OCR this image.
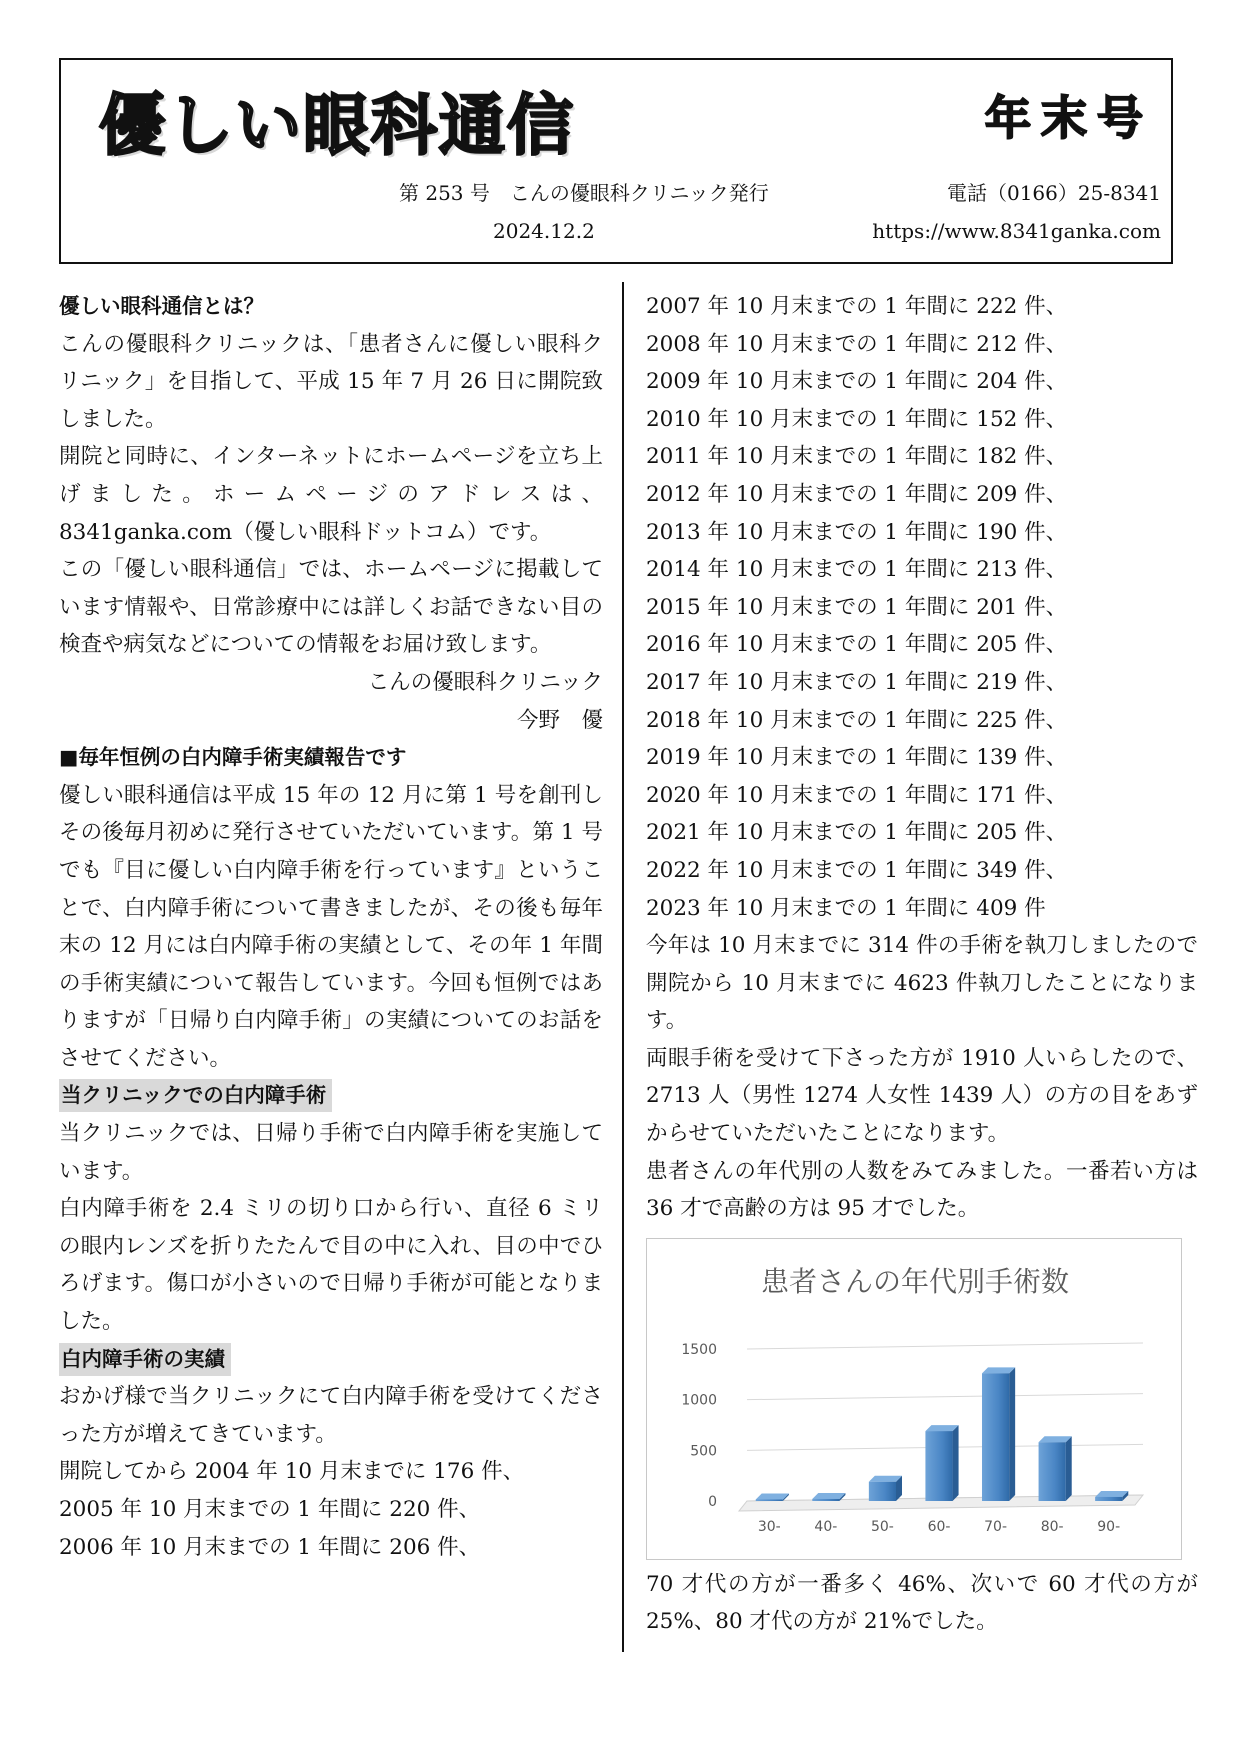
優しい眼科通信	年末号
第 253 号　こんの優眼科クリニック発行	電話（0166）25-8341
2024.12.2	https://www.8341ganka.com

優しい眼科通信とは？

こんの優眼科クリニックは、「患者さんに優しい眼科クリニック」を目指して、平成 15 年 7 月 26 日に開院致しました。

開院と同時に、インターネットにホームページを立ち上げました。ホームページのアドレスは、8341ganka.com（優しい眼科ドットコム）です。

この「優しい眼科通信」では、ホームページに掲載しています情報や、日常診療中には詳しくお話できない目の検査や病気などについての情報をお届け致します。

こんの優眼科クリニック

今野　優

■毎年恒例の白内障手術実績報告です

優しい眼科通信は平成 15 年の 12 月に第 1 号を創刊しその後毎月初めに発行させていただいています。第 1 号でも『目に優しい白内障手術を行っています』ということで、白内障手術について書きましたが、その後も毎年末の 12 月には白内障手術の実績として、その年 1 年間の手術実績について報告しています。今回も恒例ではありますが「日帰り白内障手術」の実績についてのお話をさせてください。

当クリニックでの白内障手術

当クリニックでは、日帰り手術で白内障手術を実施しています。

白内障手術を 2.4 ミリの切り口から行い、直径 6 ミリの眼内レンズを折りたたんで目の中に入れ、目の中でひろげます。傷口が小さいので日帰り手術が可能となりました。

白内障手術の実績

おかげ様で当クリニックにて白内障手術を受けてくださった方が増えてきています。

開院してから 2004 年 10 月末までに 176 件、

2005 年 10 月末までの 1 年間に 220 件、

2006 年 10 月末までの 1 年間に 206 件、

2007 年 10 月末までの 1 年間に 222 件、

2008 年 10 月末までの 1 年間に 212 件、

2009 年 10 月末までの 1 年間に 204 件、

2010 年 10 月末までの 1 年間に 152 件、

2011 年 10 月末までの 1 年間に 182 件、

2012 年 10 月末までの 1 年間に 209 件、

2013 年 10 月末までの 1 年間に 190 件、

2014 年 10 月末までの 1 年間に 213 件、

2015 年 10 月末までの 1 年間に 201 件、

2016 年 10 月末までの 1 年間に 205 件、

2017 年 10 月末までの 1 年間に 219 件、

2018 年 10 月末までの 1 年間に 225 件、

2019 年 10 月末までの 1 年間に 139 件、

2020 年 10 月末までの 1 年間に 171 件、

2021 年 10 月末までの 1 年間に 205 件、

2022 年 10 月末までの 1 年間に 349 件、

2023 年 10 月末までの 1 年間に 409 件

今年は 10 月末までに 314 件の手術を執刀しましたので開院から 10 月末までに 4623 件執刀したことになります。

両眼手術を受けて下さった方が 1910 人いらしたので、2713 人（男性 1274 人女性 1439 人）の方の目をあずからせていただいたことになります。

患者さんの年代別の人数をみてみました。一番若い方は 36 才で高齢の方は 95 才でした。

患者さんの年代別手術数
0
500
1000
1500
30- 40- 50- 60- 70- 80- 90-

70 才代の方が一番多く 46%、次いで 60 才代の方が 25%、80 才代の方が 21%でした。
